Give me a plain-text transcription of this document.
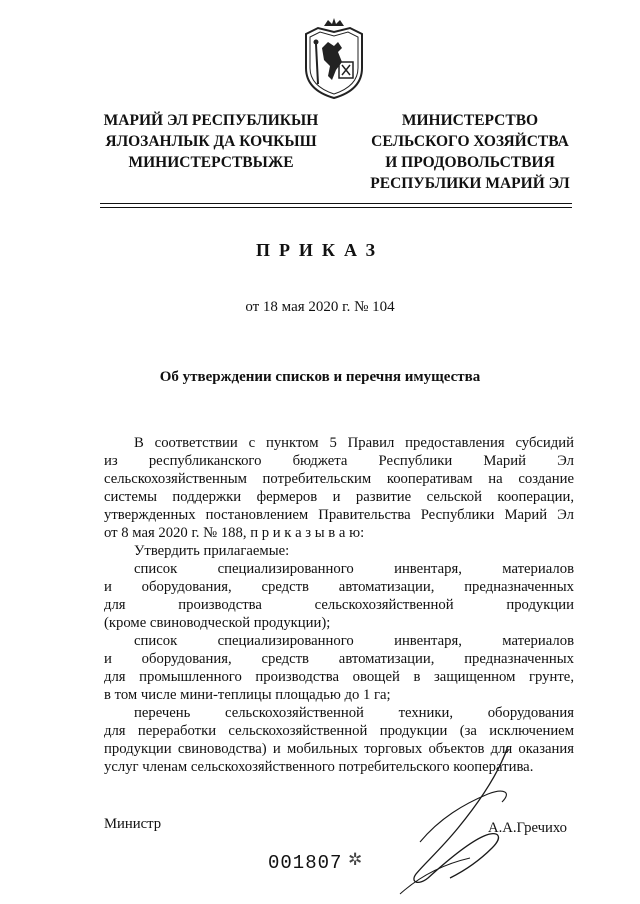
МАРИЙ ЭЛ РЕСПУБЛИКЫН
ЯЛОЗАНЛЫК ДА КОЧКЫШ
МИНИСТЕРСТВЫЖЕ
МИНИСТЕРСТВО
СЕЛЬСКОГО ХОЗЯЙСТВА
И ПРОДОВОЛЬСТВИЯ
РЕСПУБЛИКИ МАРИЙ ЭЛ
ПРИКАЗ
от 18 мая 2020 г. № 104
Об утверждении списков и перечня имущества
В соответствии с пунктом 5 Правил предоставления субсидий
из республиканского бюджета Республики Марий Эл
сельскохозяйственным потребительским кооперативам на создание
системы поддержки фермеров и развитие сельской кооперации,
утвержденных постановлением Правительства Республики Марий Эл
от 8 мая 2020 г. № 188, п р и к а з ы в а ю:
Утвердить прилагаемые:
список специализированного инвентаря, материалов
и оборудования, средств автоматизации, предназначенных
для производства сельскохозяйственной продукции
(кроме свиноводческой продукции);
список специализированного инвентаря, материалов
и оборудования, средств автоматизации, предназначенных
для промышленного производства овощей в защищенном грунте,
в том числе мини-теплицы площадью до 1 га;
перечень сельскохозяйственной техники, оборудования
для переработки сельскохозяйственной продукции (за исключением
продукции свиноводства) и мобильных торговых объектов для оказания
услуг членам сельскохозяйственного потребительского кооператива.
Министр	А.А.Гречихо
001807 ✲
